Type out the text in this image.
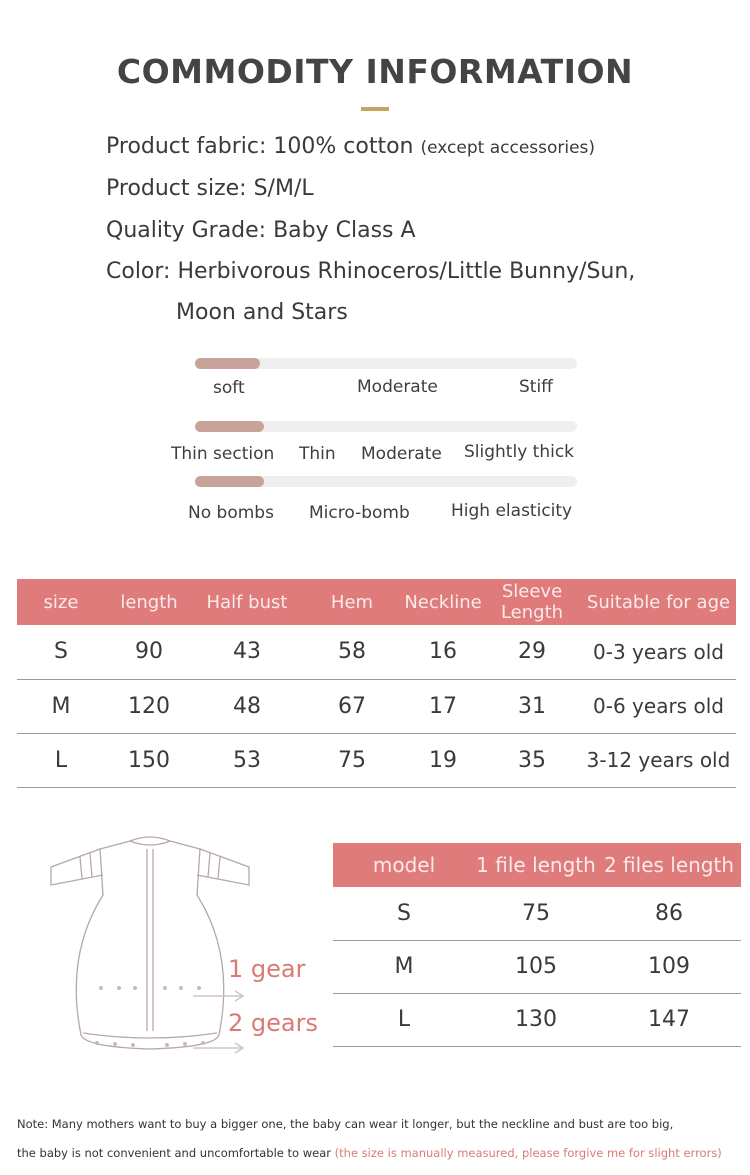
COMMODITY INFORMATION
Product fabric: 100% cotton (except accessories)
Product size: S/M/L
Quality Grade: Baby Class A
Color: Herbivorous Rhinoceros/Little Bunny/Sun,
Moon and Stars
soft	Moderate	Stiff
Thin section Thin Moderate Slightly thick
No bombs Micro-bomb High elasticity
size	length	Half bust	Hem	Neckline	Sleeve Length	Suitable for age
S	90	43	58	16	29	0-3 years old
M	120	48	67	17	31	0-6 years old
L	150	53	75	19	35	3-12 years old
1 gear
2 gears
model	1 file length	2 files length
S	75	86
M	105	109
L	130	147
Note: Many mothers want to buy a bigger one, the baby can wear it longer, but the neckline and bust are too big,
the baby is not convenient and uncomfortable to wear (the size is manually measured, please forgive me for slight errors)
